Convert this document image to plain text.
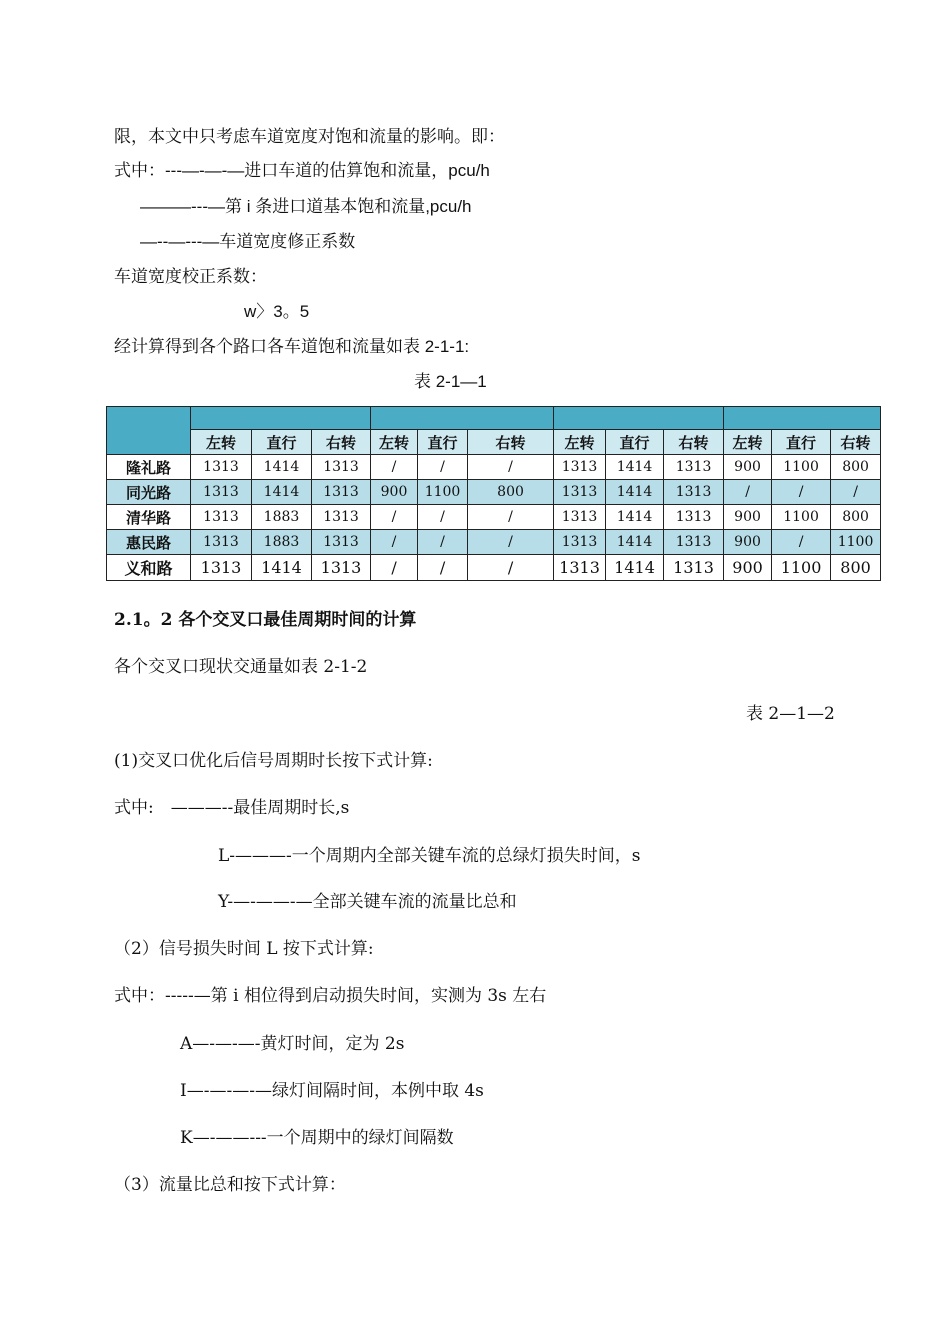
限，本文中只考虑车道宽度对饱和流量的影响。即：
式中：---—-—-—进口车道的估算饱和流量，pcu/h
———---—第 i 条进口道基本饱和流量,pcu/h
—--—---—车道宽度修正系数
车道宽度校正系数：
w〉3。5
经计算得到各个路口各车道饱和流量如表 2-1-1:
表 2-1—1

	左转	直行	右转	左转	直行	右转	左转	直行	右转	左转	直行	右转
隆礼路	1313	1414	1313	/	/	/	1313	1414	1313	900	1100	800
同光路	1313	1414	1313	900	1100	800	1313	1414	1313	/	/	/
清华路	1313	1883	1313	/	/	/	1313	1414	1313	900	1100	800
惠民路	1313	1883	1313	/	/	/	1313	1414	1313	900	/	1100
义和路	1313	1414	1313	/	/	/	1313	1414	1313	900	1100	800
2.1。2 各个交叉口最佳周期时间的计算
各个交叉口现状交通量如表 2-1-2
表 2—1—2
(1)交叉口优化后信号周期时长按下式计算:
式中:　———--最佳周期时长,s
L-———-一个周期内全部关键车流的总绿灯损失时间，s
Y-—-——-—全部关键车流的流量比总和
（2）信号损失时间 L 按下式计算:
式中：-----—第 i 相位得到启动损失时间，实测为 3s 左右
A—-—-—-黄灯时间，定为 2s
I—-—-—-—绿灯间隔时间，本例中取 4s
K—-——---一个周期中的绿灯间隔数
（3）流量比总和按下式计算：
